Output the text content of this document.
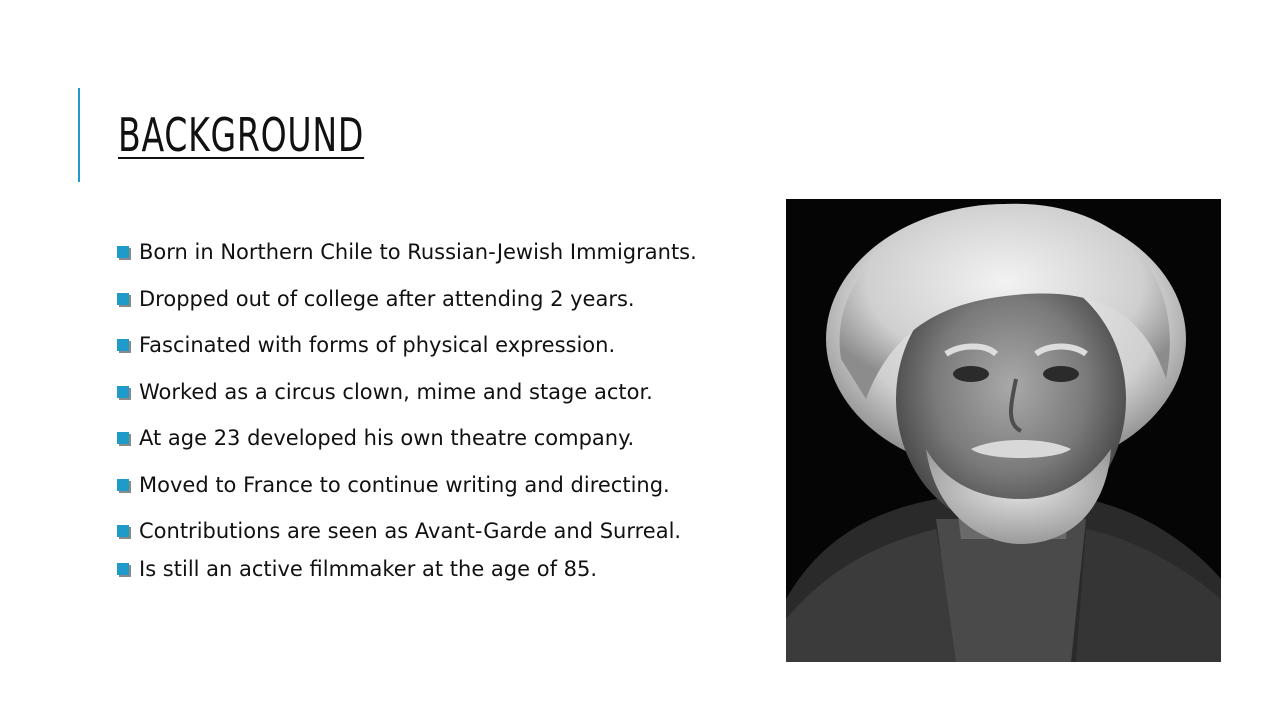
BACKGROUND
Born in Northern Chile to Russian-Jewish Immigrants.
Dropped out of college after attending 2 years.
Fascinated with forms of physical expression.
Worked as a circus clown, mime and stage actor.
At age 23 developed his own theatre company.
Moved to France to continue writing and directing.
Contributions are seen as Avant-Garde and Surreal.
Is still an active filmmaker at the age of 85.
